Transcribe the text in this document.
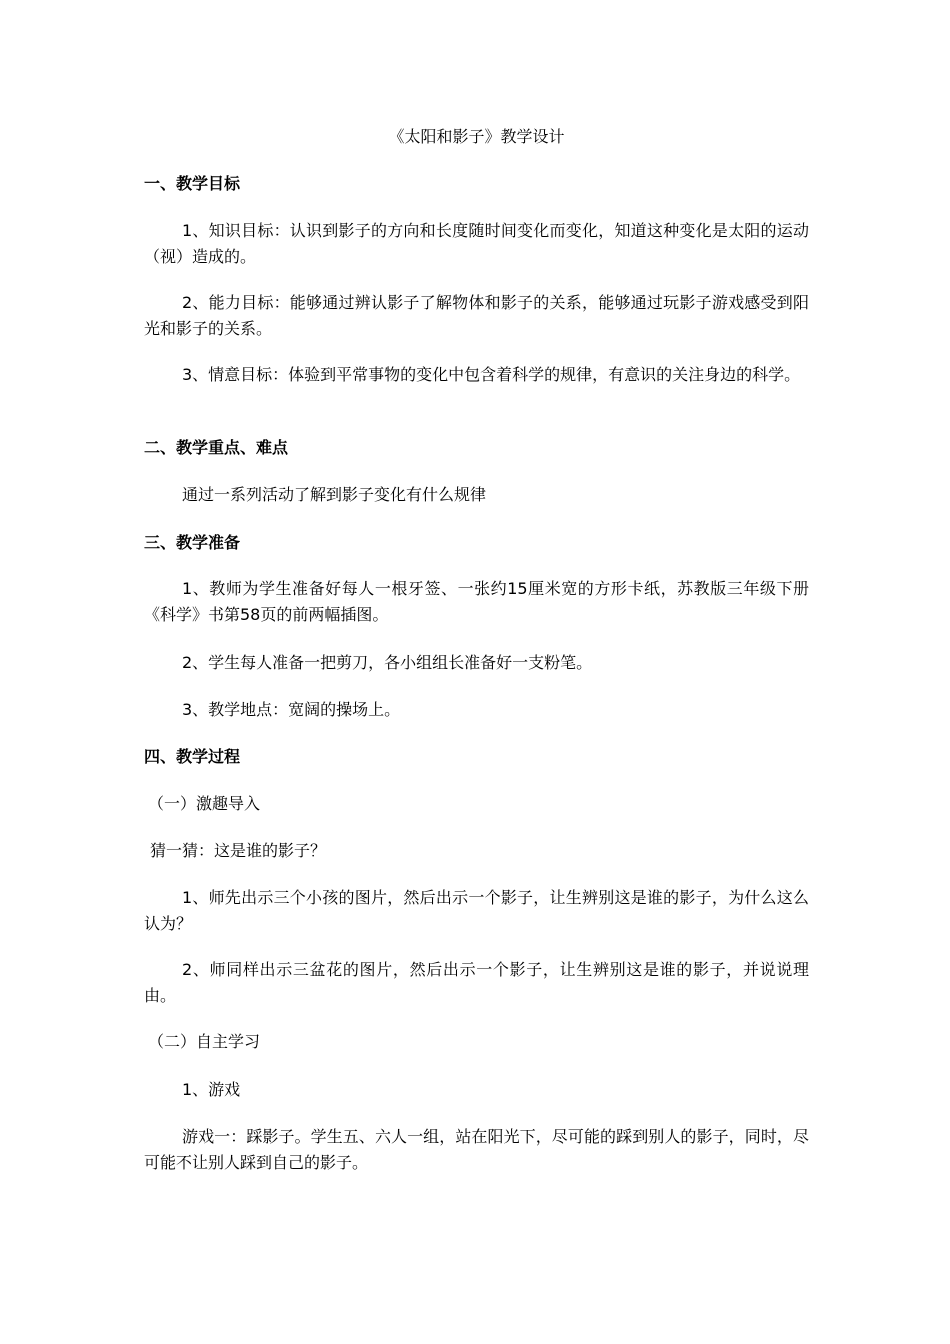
《太阳和影子》教学设计
一、教学目标
1、知识目标：认识到影子的方向和长度随时间变化而变化，知道这种变化是太阳的运动（视）造成的。
2、能力目标：能够通过辨认影子了解物体和影子的关系，能够通过玩影子游戏感受到阳光和影子的关系。
3、情意目标：体验到平常事物的变化中包含着科学的规律，有意识的关注身边的科学。
二、教学重点、难点
通过一系列活动了解到影子变化有什么规律
三、教学准备
1、教师为学生准备好每人一根牙签、一张约15厘米宽的方形卡纸，苏教版三年级下册《科学》书第58页的前两幅插图。
2、学生每人准备一把剪刀，各小组组长准备好一支粉笔。
3、教学地点：宽阔的操场上。
四、教学过程
（一）激趣导入
猜一猜：这是谁的影子？
1、师先出示三个小孩的图片，然后出示一个影子，让生辨别这是谁的影子，为什么这么认为？
2、师同样出示三盆花的图片，然后出示一个影子，让生辨别这是谁的影子，并说说理由。
（二）自主学习
1、游戏
游戏一：踩影子。学生五、六人一组，站在阳光下，尽可能的踩到别人的影子，同时，尽可能不让别人踩到自己的影子。
